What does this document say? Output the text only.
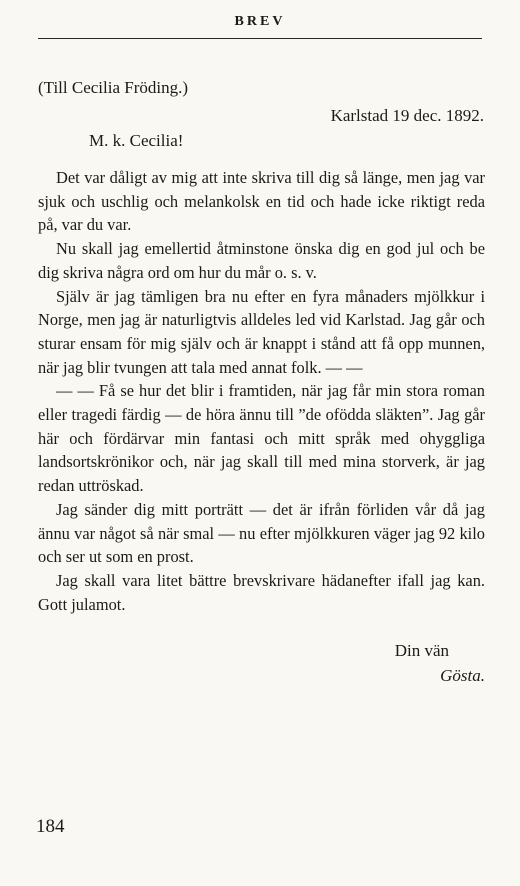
BREV
(Till Cecilia Fröding.)
Karlstad 19 dec. 1892.
M. k. Cecilia!

Det var dåligt av mig att inte skriva till dig så länge, men jag var sjuk och uschlig och melankolsk en tid och hade icke riktigt reda på, var du var.

Nu skall jag emellertid åtminstone önska dig en god jul och be dig skriva några ord om hur du mår o. s. v.

Själv är jag tämligen bra nu efter en fyra månaders mjölkkur i Norge, men jag är naturligtvis alldeles led vid Karlstad. Jag går och sturar ensam för mig själv och är knappt i stånd att få opp munnen, när jag blir tvungen att tala med annat folk. — —

— — Få se hur det blir i framtiden, när jag får min stora roman eller tragedi färdig — de höra ännu till ”de ofödda släkten”. Jag går här och fördärvar min fantasi och mitt språk med ohyggliga landsortskrönikor och, när jag skall till med mina storverk, är jag redan uttröskad.

Jag sänder dig mitt porträtt — det är ifrån förliden vår då jag ännu var något så när smal — nu efter mjölkkuren väger jag 92 kilo och ser ut som en prost.

Jag skall vara litet bättre brevskrivare hädanefter ifall jag kan. Gott julamot.

Din vän
Gösta.
184
